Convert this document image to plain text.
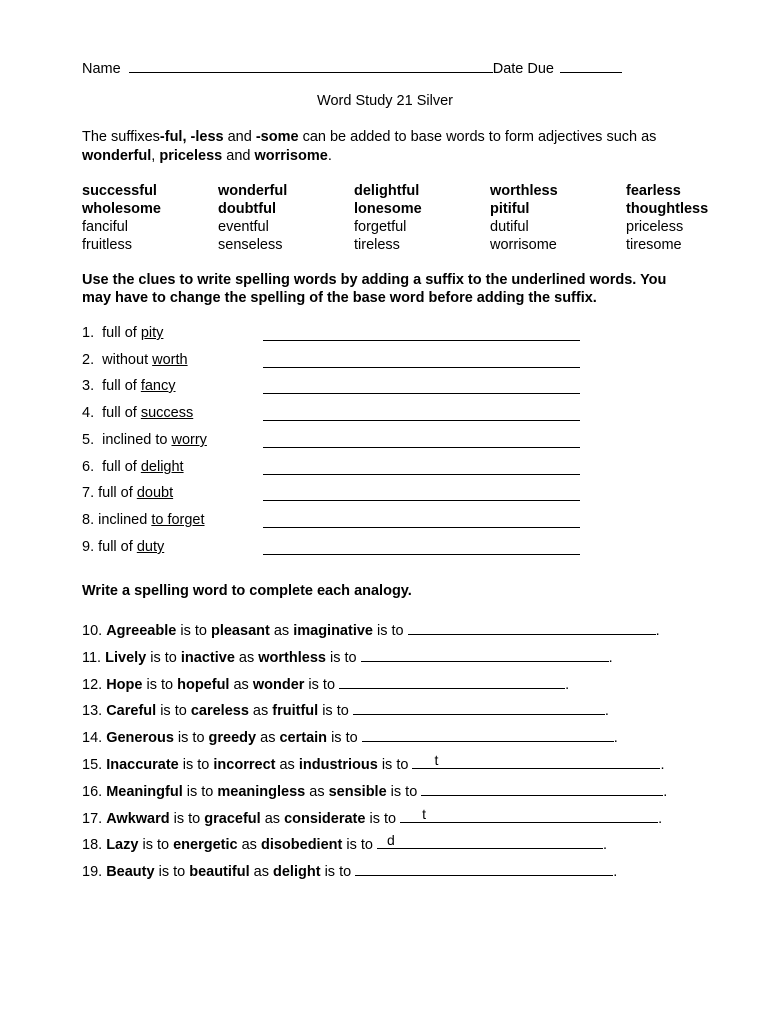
Name	Date Due
Word Study 21 Silver
The suffixes-ful, -less and -some can be added to base words to form adjectives such as
wonderful, priceless and worrisome.
successful	wonderful	delightful	worthless	fearless
wholesome	doubtful	lonesome	pitiful	thoughtless
fanciful	eventful	forgetful	dutiful	priceless
fruitless	senseless	tireless	worrisome	tiresome
Use the clues to write spelling words by adding a suffix to the underlined words. You
may have to change the spelling of the base word before adding the suffix.
1.  full of pity
2.  without worth
3.  full of fancy
4.  full of success
5.  inclined to worry
6.  full of delight
7. full of doubt
8. inclined to forget
9. full of duty
Write a spelling word to complete each analogy.
10. Agreeable is to pleasant as imaginative is to	.
11. Lively is to inactive as worthless is to	.
12. Hope is to hopeful as wonder is to	.
13. Careful is to careless as fruitful is to	.
14. Generous is to greedy as certain is to	.
15. Inaccurate is to incorrect as industrious is to t	.
16. Meaningful is to meaningless as sensible is to	.
17. Awkward is to graceful as considerate is to t	.
18. Lazy is to energetic as disobedient is to d	.
19. Beauty is to beautiful as delight is to	.
